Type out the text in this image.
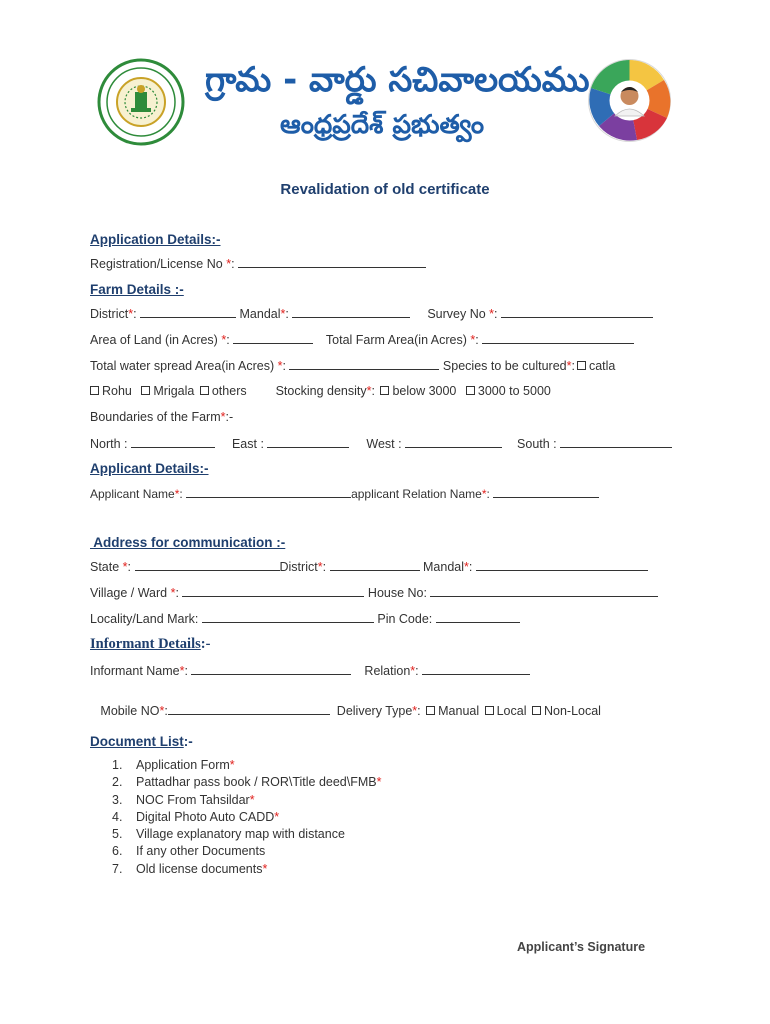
గ్రామ - వార్డు సచివాలయము
ఆంధ్రప్రదేశ్ ప్రభుత్వం
Revalidation of old certificate
Application Details:-
Registration/License No *:
Farm Details :-
District*:	Mandal*:	Survey No *:
Area of Land (in Acres) *:	Total Farm Area(in Acres) *:
Total water spread Area(in Acres) *:	Species to be cultured*: catla
Rohu Mrigala others Stocking density*: below 3000 3000 to 5000
Boundaries of the Farm*:-
North :	East :	West :	South :
Applicant Details:-
Applicant Name*:	applicant Relation Name*:
Address for communication :-
State *:	District*:	Mandal*:
Village / Ward *:	House No:
Locality/Land Mark:	Pin Code:
Informant Details:-
Informant Name*:	Relation*:

Mobile NO*:	Delivery Type*: Manual Local Non-Local

Document List:-
1. Application Form*
2. Pattadhar pass book / ROR\Title deed\FMB*
3. NOC From Tahsildar*
4. Digital Photo Auto CADD*
5. Village explanatory map with distance
6. If any other Documents
7. Old license documents*
Applicant’s Signature
